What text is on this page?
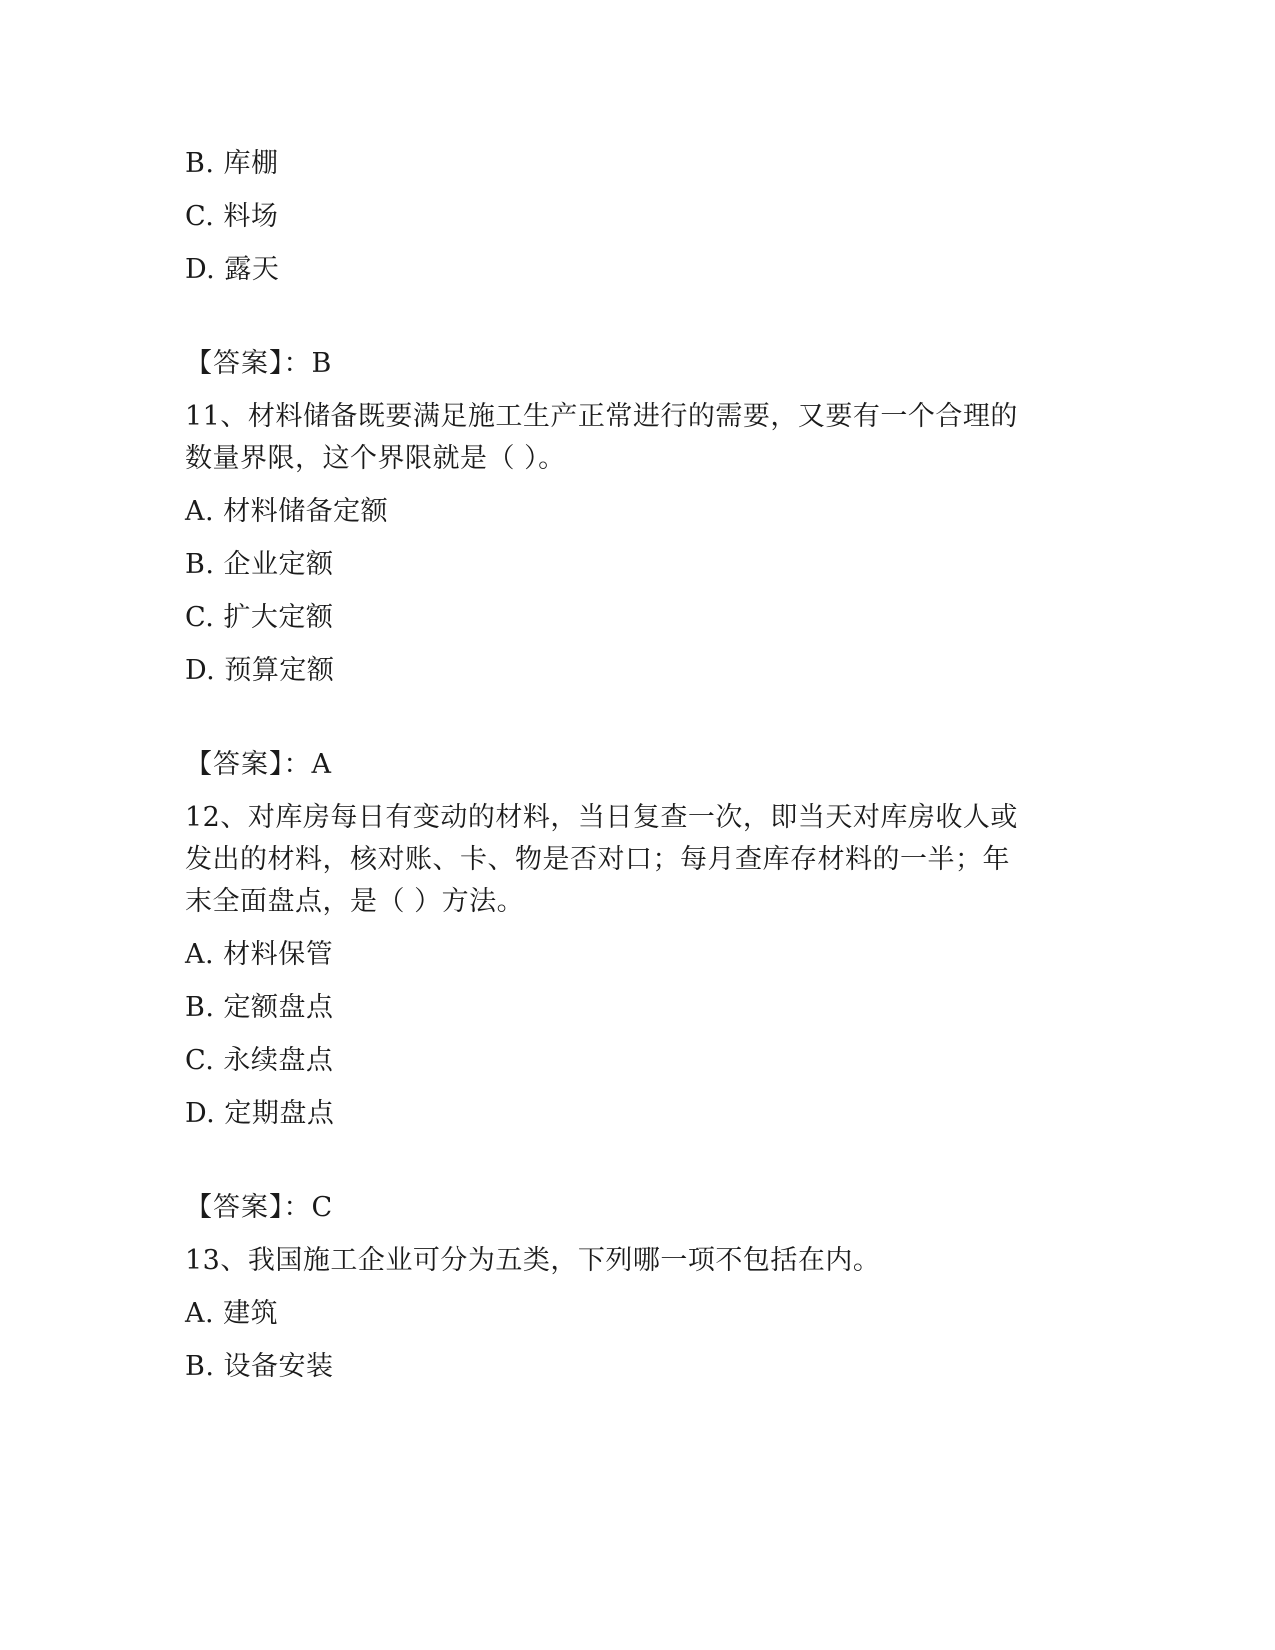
B. 库棚
C. 料场
D. 露天
【答案】：B
11、材料储备既要满足施工生产正常进行的需要，又要有一个合理的
数量界限，这个界限就是（ ）。
A. 材料储备定额
B. 企业定额
C. 扩大定额
D. 预算定额
【答案】：A
12、对库房每日有变动的材料，当日复查一次，即当天对库房收人或
发出的材料，核对账、卡、物是否对口；每月查库存材料的一半；年
末全面盘点，是（ ）方法。
A. 材料保管
B. 定额盘点
C. 永续盘点
D. 定期盘点
【答案】：C
13、我国施工企业可分为五类，下列哪一项不包括在内。
A. 建筑
B. 设备安装
